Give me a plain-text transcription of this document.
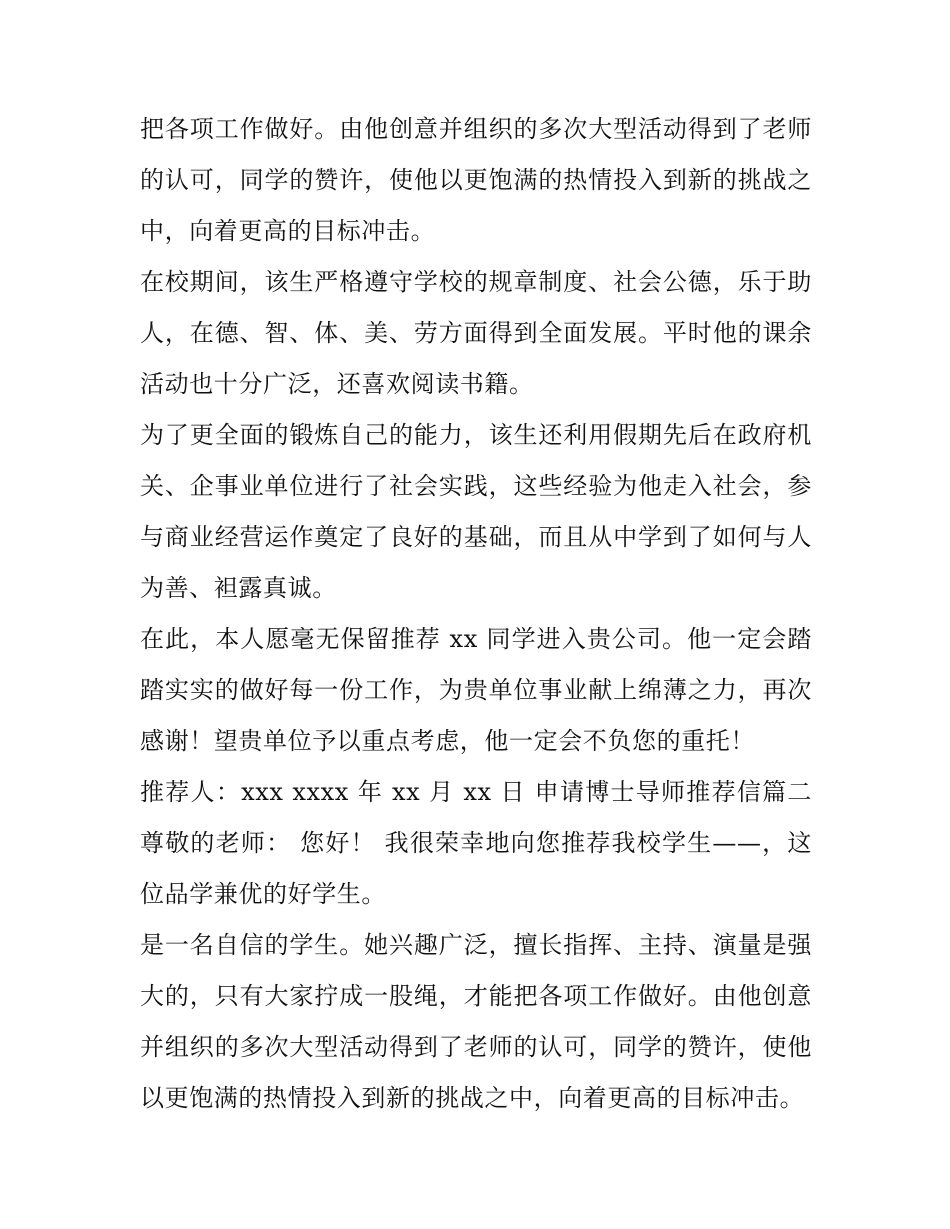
把各项工作做好。由他创意并组织的多次大型活动得到了老师的认可，同学的赞许，使他以更饱满的热情投入到新的挑战之中，向着更高的目标冲击。

在校期间，该生严格遵守学校的规章制度、社会公德，乐于助人，在德、智、体、美、劳方面得到全面发展。平时他的课余活动也十分广泛，还喜欢阅读书籍。

为了更全面的锻炼自己的能力，该生还利用假期先后在政府机关、企事业单位进行了社会实践，这些经验为他走入社会，参与商业经营运作奠定了良好的基础，而且从中学到了如何与人为善、袒露真诚。

在此，本人愿毫无保留推荐 xx 同学进入贵公司。他一定会踏踏实实的做好每一份工作，为贵单位事业献上绵薄之力，再次感谢！望贵单位予以重点考虑，他一定会不负您的重托！

推荐人：xxx xxxx 年 xx 月 xx 日 申请博士导师推荐信篇二 尊敬的老师： 您好！ 我很荣幸地向您推荐我校学生——，这位品学兼优的好学生。

是一名自信的学生。她兴趣广泛，擅长指挥、主持、演量是强大的，只有大家拧成一股绳，才能把各项工作做好。由他创意并组织的多次大型活动得到了老师的认可，同学的赞许，使他以更饱满的热情投入到新的挑战之中，向着更高的目标冲击。
